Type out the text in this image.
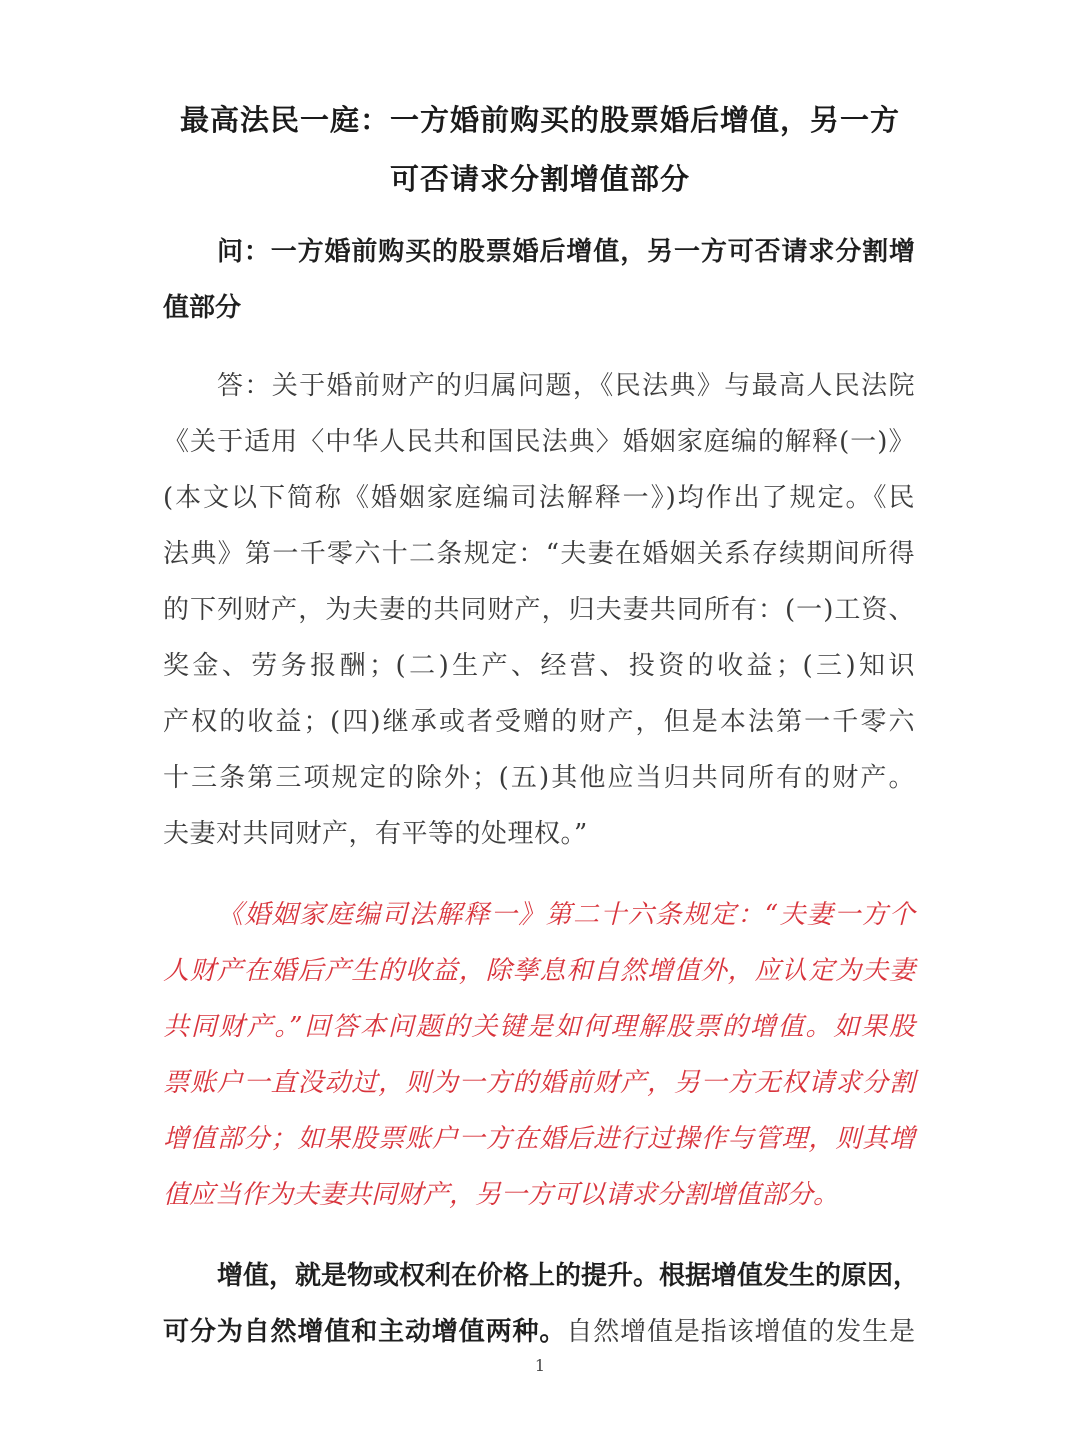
最高法民一庭：一方婚前购买的股票婚后增值，另一方
可否请求分割增值部分
问：一方婚前购买的股票婚后增值，另一方可否请求分割增
值部分
答：关于婚前财产的归属问题，《民法典》与最高人民法院
《关于适用〈中华人民共和国民法典〉婚姻家庭编的解释(一)》
(本文以下简称《婚姻家庭编司法解释一》)均作出了规定。《民
法典》第一千零六十二条规定：“夫妻在婚姻关系存续期间所得
的下列财产，为夫妻的共同财产，归夫妻共同所有：(一)工资、
奖金、劳务报酬；(二)生产、经营、投资的收益；(三)知识
产权的收益；(四)继承或者受赠的财产，但是本法第一千零六
十三条第三项规定的除外；(五)其他应当归共同所有的财产。
夫妻对共同财产，有平等的处理权。”
《婚姻家庭编司法解释一》第二十六条规定：“夫妻一方个
人财产在婚后产生的收益，除孳息和自然增值外，应认定为夫妻
共同财产。”回答本问题的关键是如何理解股票的增值。如果股
票账户一直没动过，则为一方的婚前财产，另一方无权请求分割
增值部分；如果股票账户一方在婚后进行过操作与管理，则其增
值应当作为夫妻共同财产，另一方可以请求分割增值部分。
增值，就是物或权利在价格上的提升。根据增值发生的原因，
可分为自然增值和主动增值两种。自然增值是指该增值的发生是
1
